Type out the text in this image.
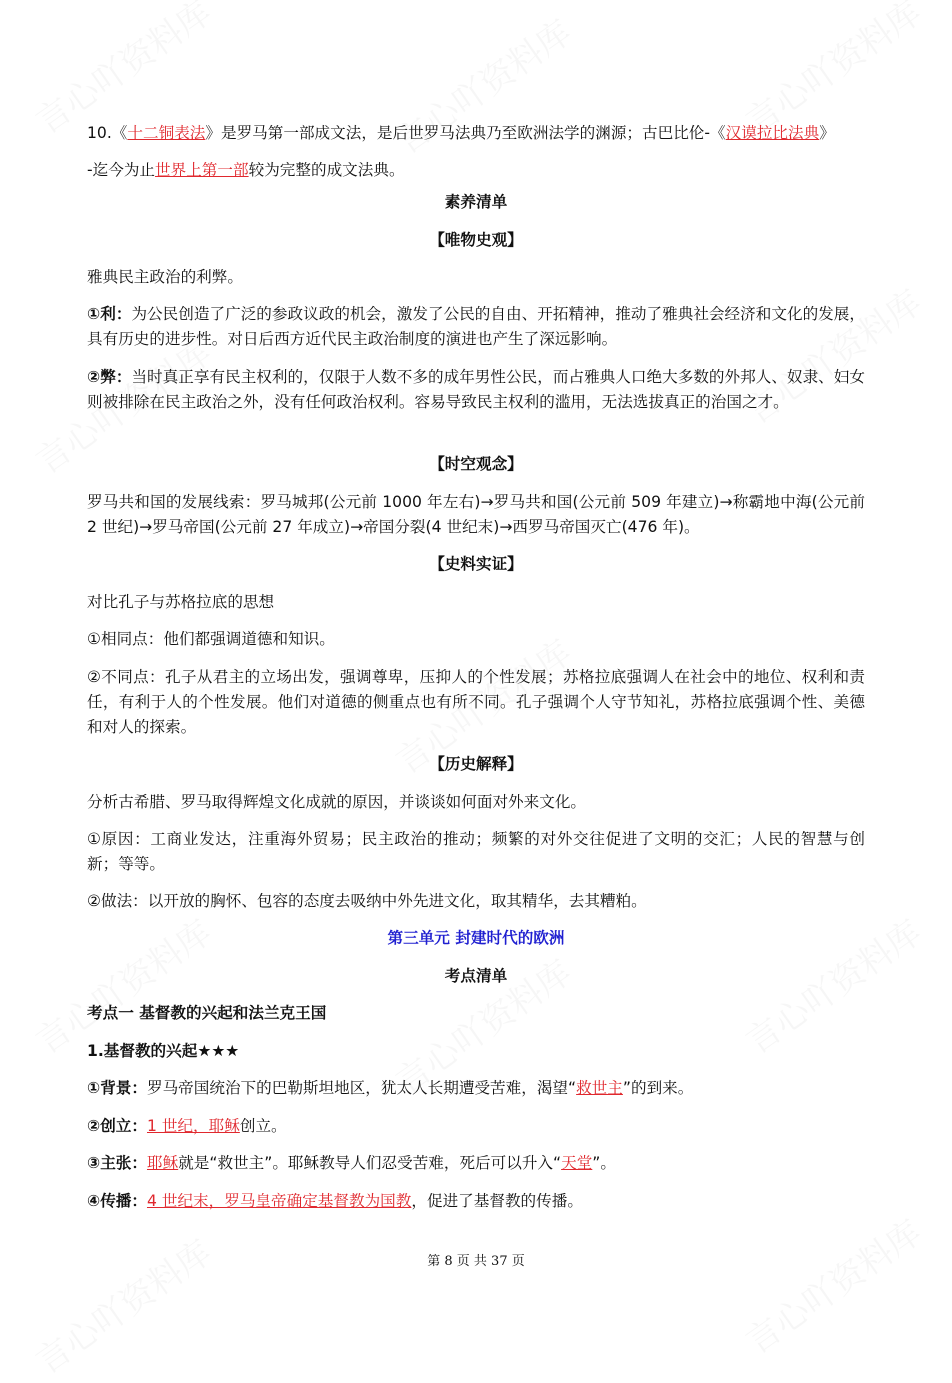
10.《十二铜表法》是罗马第一部成文法，是后世罗马法典乃至欧洲法学的渊源；古巴比伦-《汉谟拉比法典》
-迄今为止世界上第一部较为完整的成文法典。
素养清单
【唯物史观】
雅典民主政治的利弊。
①利：为公民创造了广泛的参政议政的机会，激发了公民的自由、开拓精神，推动了雅典社会经济和文化的发展，具有历史的进步性。对日后西方近代民主政治制度的演进也产生了深远影响。
②弊：当时真正享有民主权利的，仅限于人数不多的成年男性公民，而占雅典人口绝大多数的外邦人、奴隶、妇女则被排除在民主政治之外，没有任何政治权利。容易导致民主权利的滥用，无法选拔真正的治国之才。
【时空观念】
罗马共和国的发展线索：罗马城邦(公元前 1000 年左右)→罗马共和国(公元前 509 年建立)→称霸地中海(公元前 2 世纪)→罗马帝国(公元前 27 年成立)→帝国分裂(4 世纪末)→西罗马帝国灭亡(476 年)。
【史料实证】
对比孔子与苏格拉底的思想
①相同点：他们都强调道德和知识。
②不同点：孔子从君主的立场出发，强调尊卑，压抑人的个性发展；苏格拉底强调人在社会中的地位、权利和责任，有利于人的个性发展。他们对道德的侧重点也有所不同。孔子强调个人守节知礼，苏格拉底强调个性、美德和对人的探索。
【历史解释】
分析古希腊、罗马取得辉煌文化成就的原因，并谈谈如何面对外来文化。
①原因：工商业发达，注重海外贸易；民主政治的推动；频繁的对外交往促进了文明的交汇；人民的智慧与创新；等等。
②做法：以开放的胸怀、包容的态度去吸纳中外先进文化，取其精华，去其糟粕。
第三单元 封建时代的欧洲
考点清单
考点一 基督教的兴起和法兰克王国
1.基督教的兴起★★★
①背景：罗马帝国统治下的巴勒斯坦地区，犹太人长期遭受苦难，渴望“救世主”的到来。
②创立：1 世纪，耶稣创立。
③主张：耶稣就是“救世主”。耶稣教导人们忍受苦难，死后可以升入“天堂”。
④传播：4 世纪末，罗马皇帝确定基督教为国教，促进了基督教的传播。
第 8 页 共 37 页
